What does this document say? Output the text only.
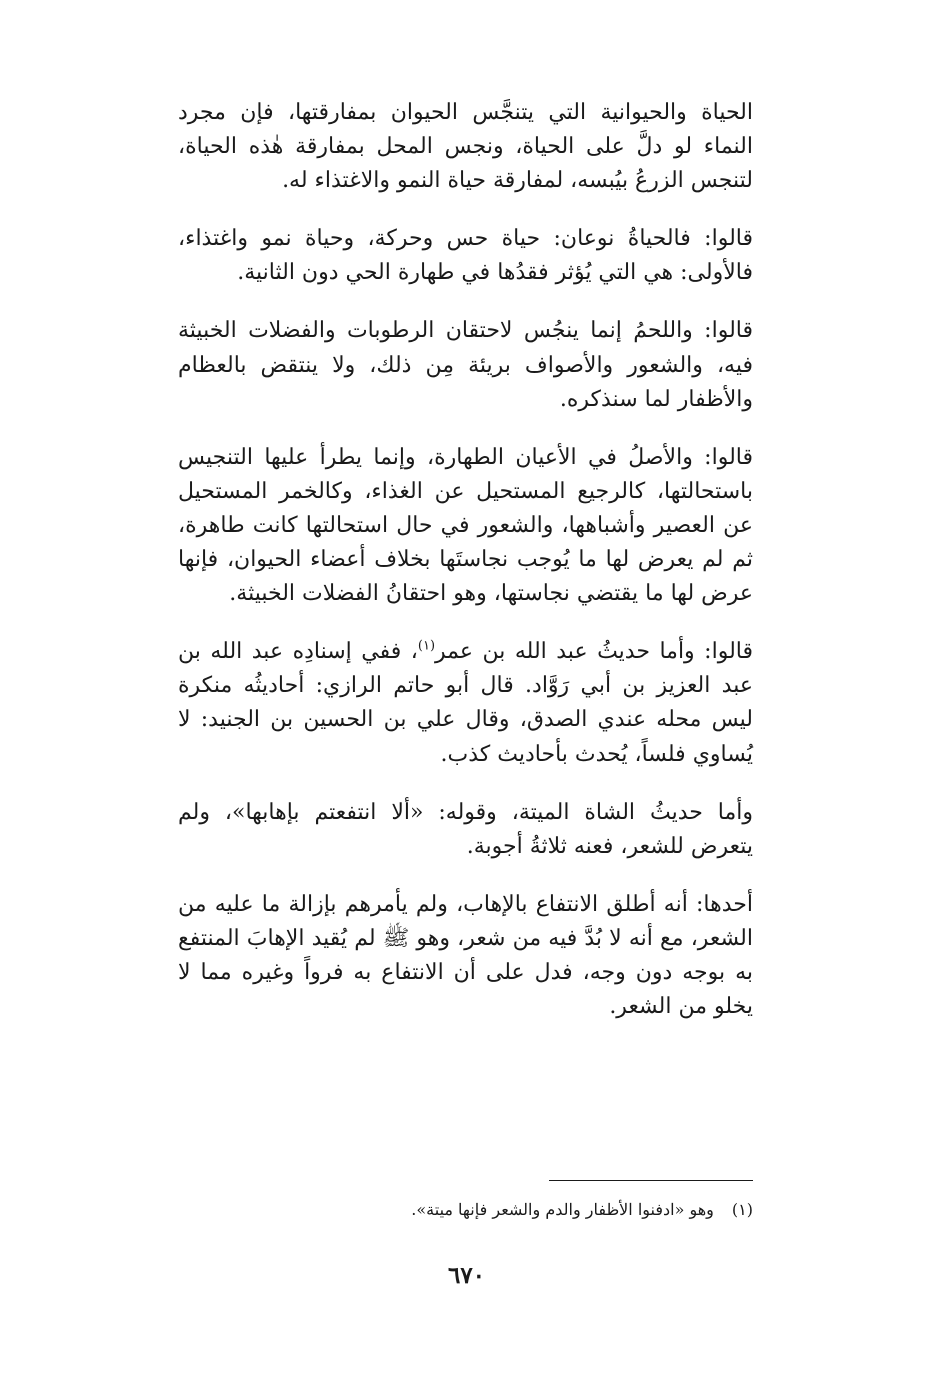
الحياة والحيوانية التي يتنجَّس الحيوان بمفارقتها، فإن مجرد النماء لو دلَّ على الحياة، ونجس المحل بمفارقة هٰذه الحياة، لتنجس الزرعُ بيُبسه، لمفارقة حياة النمو والاغتذاء له.

قالوا: فالحياةُ نوعان: حياة حس وحركة، وحياة نمو واغتذاء، فالأولى: هي التي يُؤثر فقدُها في طهارة الحي دون الثانية.

قالوا: واللحمُ إنما ينجُس لاحتقان الرطوبات والفضلات الخبيثة فيه، والشعور والأصواف بريئة مِن ذلك، ولا ينتقض بالعظام والأظفار لما سنذكره.

قالوا: والأصلُ في الأعيان الطهارة، وإنما يطرأ عليها التنجيس باستحالتها، كالرجيع المستحيل عن الغذاء، وكالخمر المستحيل عن العصير وأشباهها، والشعور في حال استحالتها كانت طاهرة، ثم لم يعرض لها ما يُوجب نجاستَها بخلاف أعضاء الحيوان، فإنها عرض لها ما يقتضي نجاستها، وهو احتقانُ الفضلات الخبيثة.

قالوا: وأما حديثُ عبد الله بن عمر$^{(١)}$، ففي إسنادِه عبد الله بن عبد العزيز بن أبي رَوَّاد. قال أبو حاتم الرازي: أحاديثُه منكرة ليس محله عندي الصدق، وقال علي بن الحسين بن الجنيد: لا يُساوي فلساً، يُحدث بأحاديث كذب.

وأما حديثُ الشاة الميتة، وقوله: «ألا انتفعتم بإهابها»، ولم يتعرض للشعر، فعنه ثلاثةُ أجوبة.

أحدها: أنه أطلق الانتفاع بالإهاب، ولم يأمرهم بإزالة ما عليه من الشعر، مع أنه لا بُدَّ فيه من شعر، وهو ﷺ لم يُقيد الإهابَ المنتفع به بوجه دون وجه، فدل على أن الانتفاع به فرواً وغيره مما لا يخلو من الشعر.

(١)وهو «ادفنوا الأظفار والدم والشعر فإنها ميتة».
٦٧٠
